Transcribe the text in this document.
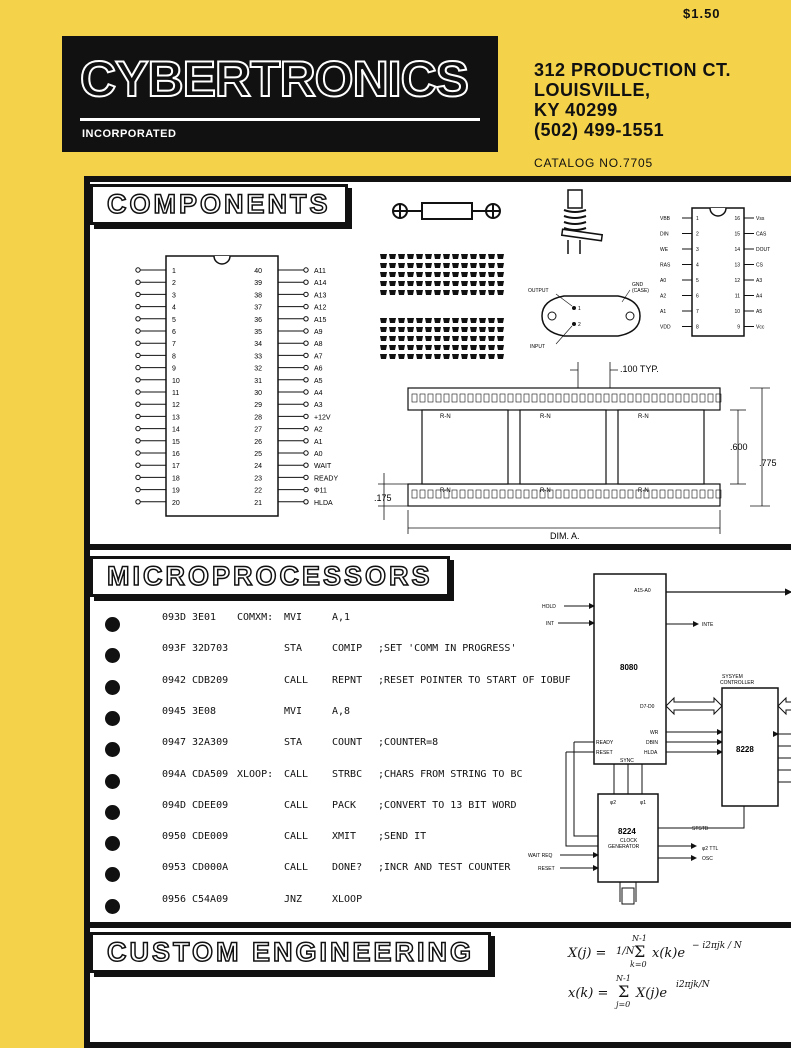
$1.50
CYBERTRONICS
INCORPORATED
312 PRODUCTION CT.
LOUISVILLE,
KY 40299
(502) 499-1551
CATALOG NO.7705
COMPONENTS
MICROPROCESSORS
CUSTOM ENGINEERING
1	40	A11
2	39	A14
3	38	A13
4	37	A12
5	36	A15
6	35	A9
7	34	A8
8	33	A7
9	32	A6
10	31	A5
11	30	A4
12	29	A3
13	28	+12V
14	27	A2
15	26	A1
16	25	A0
17	24	WAIT
18	23	READY
19	22	Φ11
20	21	HLDA
OUTPUT
INPUT
GND
(CASE)
1
2
VBB	1	16	Vss
DIN	2	15	CAS
WE	3	14	DOUT
RAS	4	13	CS
A0	5	12	A3
A2	6	11	A4
A1	7	10	A5
VDD	8	9	Vcc
.100 TYP.
R-N	R-N	R-N
R-N	R-N	R-N
.600
.775
.175
DIM. A.
093D 3E01 COMXM: MVI	A,1
093F 32D703	STA	COMIP ;SET 'COMM IN PROGRESS'
0942 CDB209	CALL REPNT ;RESET POINTER TO START OF IOBUF
0945 3E08	MVI	A,8
0947 32A309	STA	COUNT ;COUNTER=8
094A CDA509 XLOOP: CALL STRBC ;CHARS FROM STRING TO BC
094D CDEE09	CALL PACK ;CONVERT TO 13 BIT WORD
0950 CDE009	CALL XMIT ;SEND IT
0953 CD000A	CALL DONE? ;INCR AND TEST COUNTER
0956 C54A09	JNZ	XLOOP
8080
A15-A0
HOLD
INT	INTE
D7-D0
WR
DBIN
HLDA
READY
RESET
SYNC
SYSYEM
CONTROLLER
8228
φ2	φ1
8224
CLOCK
GENERATOR
STSTB
φ2 TTL
OSC
WAIT REQ
RESET
X(j) = 1/N
N-1
Σ
k=0
x(k)e − i2πjk / N
x(k) =
N-1
Σ
j=0
X(j)e
i2πjk/N
